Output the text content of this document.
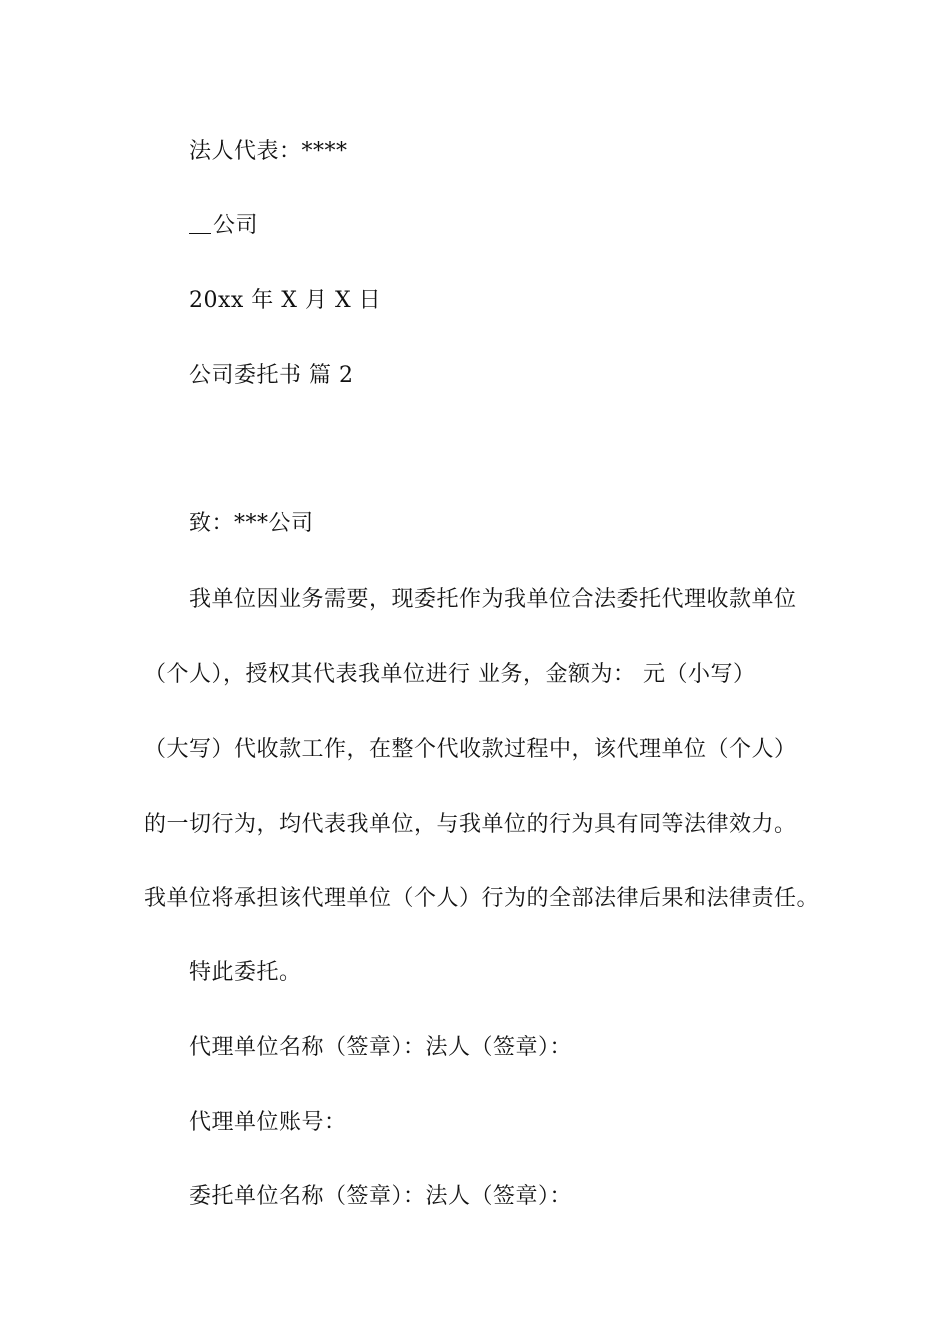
法人代表：****
公司
20xx 年 X 月 X 日
公司委托书 篇 2
致：***公司
我单位因业务需要，现委托作为我单位合法委托代理收款单位
（个人），授权其代表我单位进行 业务，金额为： 元（小写）
（大写）代收款工作，在整个代收款过程中，该代理单位（个人）
的一切行为，均代表我单位，与我单位的行为具有同等法律效力。
我单位将承担该代理单位（个人）行为的全部法律后果和法律责任。
特此委托。
代理单位名称（签章）：法人（签章）：
代理单位账号：
委托单位名称（签章）：法人（签章）：
